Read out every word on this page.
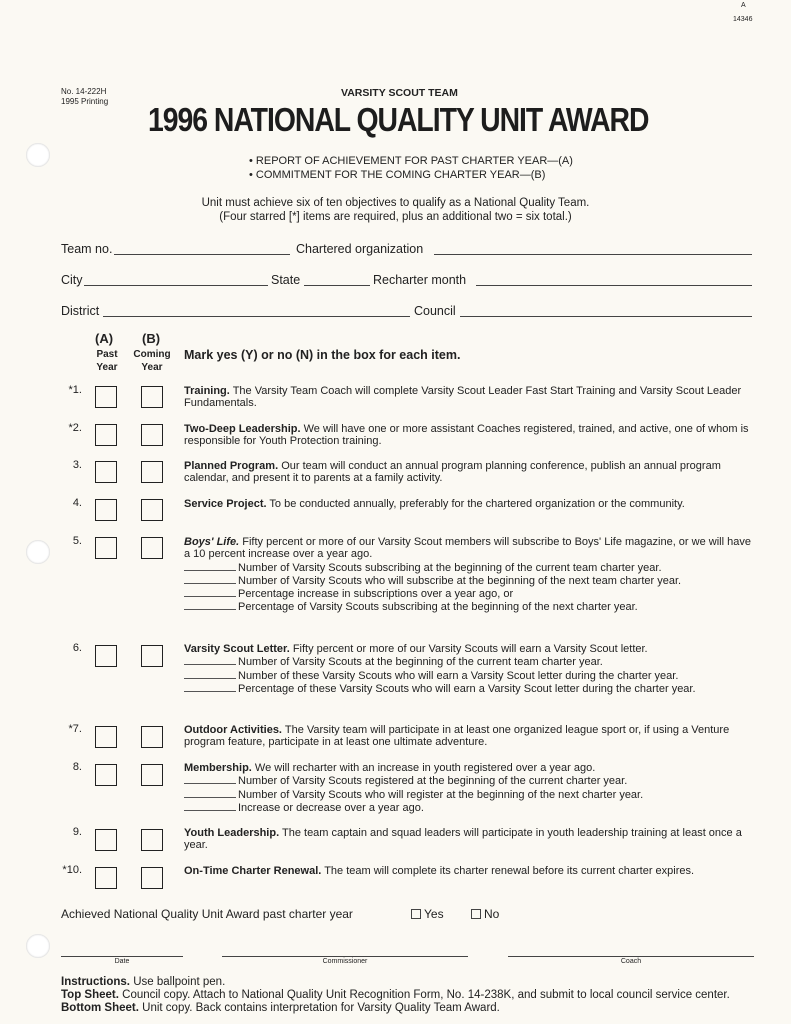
A
14346
No. 14-222H
1995 Printing
VARSITY SCOUT TEAM
1996 NATIONAL QUALITY UNIT AWARD
• REPORT OF ACHIEVEMENT FOR PAST CHARTER YEAR—(A)
• COMMITMENT FOR THE COMING CHARTER YEAR—(B)
Unit must achieve six of ten objectives to qualify as a National Quality Team.
(Four starred [*] items are required, plus an additional two = six total.)
Team no.	Chartered organization
City	State	Recharter month
District	Council
(A)
Past
Year
(B)
Coming
Year
Mark yes (Y) or no (N) in the box for each item.
*1.	Training. The Varsity Team Coach will complete Varsity Scout Leader Fast Start Training and Varsity Scout Leader Fundamentals.
*2.	Two-Deep Leadership. We will have one or more assistant Coaches registered, trained, and active, one of whom is responsible for Youth Protection training.
3.	Planned Program. Our team will conduct an annual program planning conference, publish an annual program calendar, and present it to parents at a family activity.
4.	Service Project. To be conducted annually, preferably for the chartered organization or the community.
5.	Boys' Life. Fifty percent or more of our Varsity Scout members will subscribe to Boys' Life magazine, or we will have a 10 percent increase over a year ago.
Number of Varsity Scouts subscribing at the beginning of the current team charter year.
Number of Varsity Scouts who will subscribe at the beginning of the next team charter year.
Percentage increase in subscriptions over a year ago, or
Percentage of Varsity Scouts subscribing at the beginning of the next charter year.
6.	Varsity Scout Letter. Fifty percent or more of our Varsity Scouts will earn a Varsity Scout letter.
Number of Varsity Scouts at the beginning of the current team charter year.
Number of these Varsity Scouts who will earn a Varsity Scout letter during the charter year.
Percentage of these Varsity Scouts who will earn a Varsity Scout letter during the charter year.
*7.	Outdoor Activities. The Varsity team will participate in at least one organized league sport or, if using a Venture program feature, participate in at least one ultimate adventure.
8.	Membership. We will recharter with an increase in youth registered over a year ago.
Number of Varsity Scouts registered at the beginning of the current charter year.
Number of Varsity Scouts who will register at the beginning of the next charter year.
Increase or decrease over a year ago.
9.	Youth Leadership. The team captain and squad leaders will participate in youth leadership training at least once a year.
*10.	On-Time Charter Renewal. The team will complete its charter renewal before its current charter expires.
Achieved National Quality Unit Award past charter year	Yes	No
Date	Commissioner	Coach
Instructions. Use ballpoint pen.
Top Sheet. Council copy. Attach to National Quality Unit Recognition Form, No. 14-238K, and submit to local council service center.
Bottom Sheet. Unit copy. Back contains interpretation for Varsity Quality Team Award.
